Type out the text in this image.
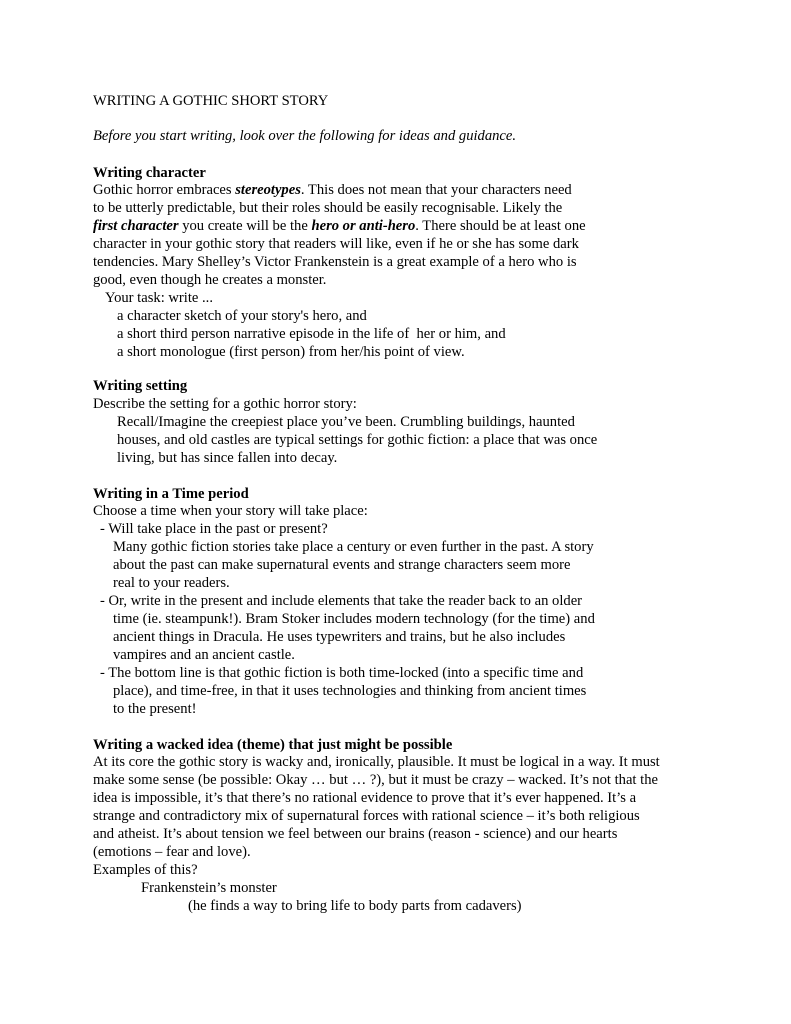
WRITING A GOTHIC SHORT STORY
Before you start writing, look over the following for ideas and guidance.
Writing character
Gothic horror embraces stereotypes. This does not mean that your characters need
to be utterly predictable, but their roles should be easily recognisable. Likely the
first character you create will be the hero or anti-hero. There should be at least one
character in your gothic story that readers will like, even if he or she has some dark
tendencies. Mary Shelley’s Victor Frankenstein is a great example of a hero who is
good, even though he creates a monster.
Your task: write ...
a character sketch of your story's hero, and
a short third person narrative episode in the life of  her or him, and
a short monologue (first person) from her/his point of view.
Writing setting
Describe the setting for a gothic horror story:
Recall/Imagine the creepiest place you’ve been. Crumbling buildings, haunted
houses, and old castles are typical settings for gothic fiction: a place that was once
living, but has since fallen into decay.
Writing in a Time period
Choose a time when your story will take place:
- Will take place in the past or present?
Many gothic fiction stories take place a century or even further in the past. A story
about the past can make supernatural events and strange characters seem more
real to your readers.
- Or, write in the present and include elements that take the reader back to an older
time (ie. steampunk!). Bram Stoker includes modern technology (for the time) and
ancient things in Dracula. He uses typewriters and trains, but he also includes
vampires and an ancient castle.
- The bottom line is that gothic fiction is both time-locked (into a specific time and
place), and time-free, in that it uses technologies and thinking from ancient times
to the present!
Writing a wacked idea (theme) that just might be possible
At its core the gothic story is wacky and, ironically, plausible. It must be logical in a way. It must
make some sense (be possible: Okay … but … ?), but it must be crazy – wacked. It’s not that the
idea is impossible, it’s that there’s no rational evidence to prove that it’s ever happened. It’s a
strange and contradictory mix of supernatural forces with rational science – it’s both religious
and atheist. It’s about tension we feel between our brains (reason - science) and our hearts
(emotions – fear and love).
Examples of this?
Frankenstein’s monster
(he finds a way to bring life to body parts from cadavers)
